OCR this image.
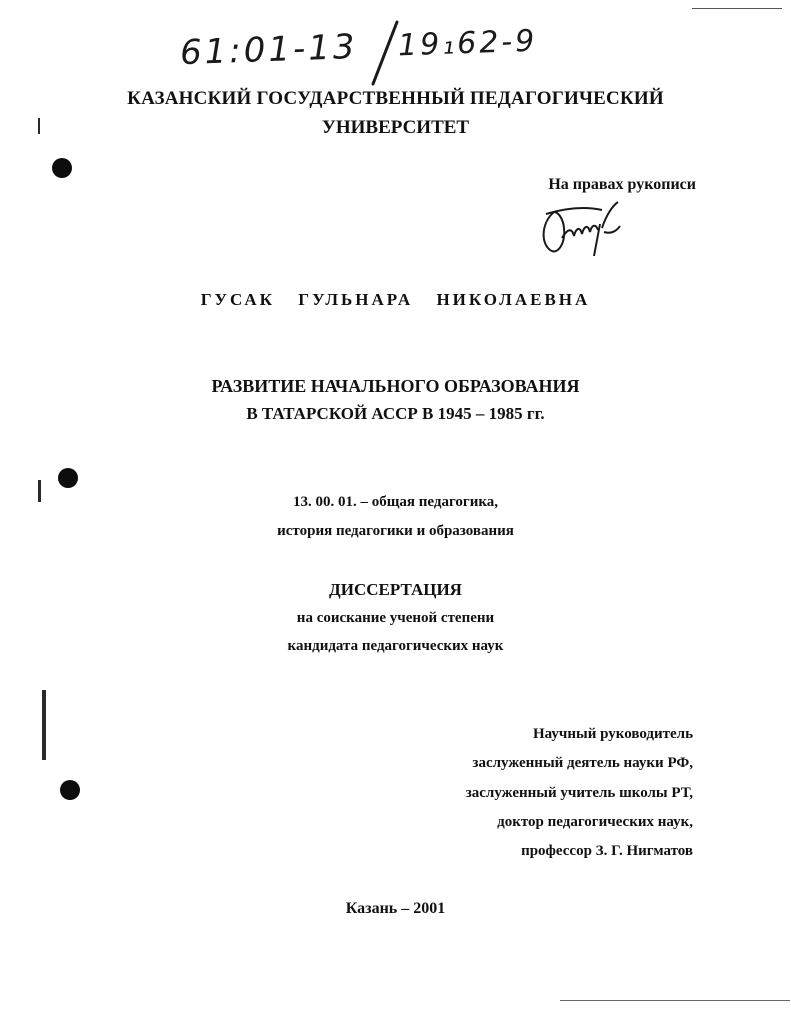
61:01-13 19₁62-9

КАЗАНСКИЙ ГОСУДАРСТВЕННЫЙ ПЕДАГОГИЧЕСКИЙ

УНИВЕРСИТЕТ

На правах рукописи

ГУСАК ГУЛЬНАРА НИКОЛАЕВНА

РАЗВИТИЕ НАЧАЛЬНОГО ОБРАЗОВАНИЯ

В ТАТАРСКОЙ АССР В 1945 – 1985 гг.

13. 00. 01. – общая педагогика,

история педагогики и образования

ДИССЕРТАЦИЯ

на соискание ученой степени

кандидата педагогических наук

Научный руководитель

заслуженный деятель науки РФ,

заслуженный учитель школы РТ,

доктор педагогических наук,

профессор З. Г. Нигматов

Казань – 2001
